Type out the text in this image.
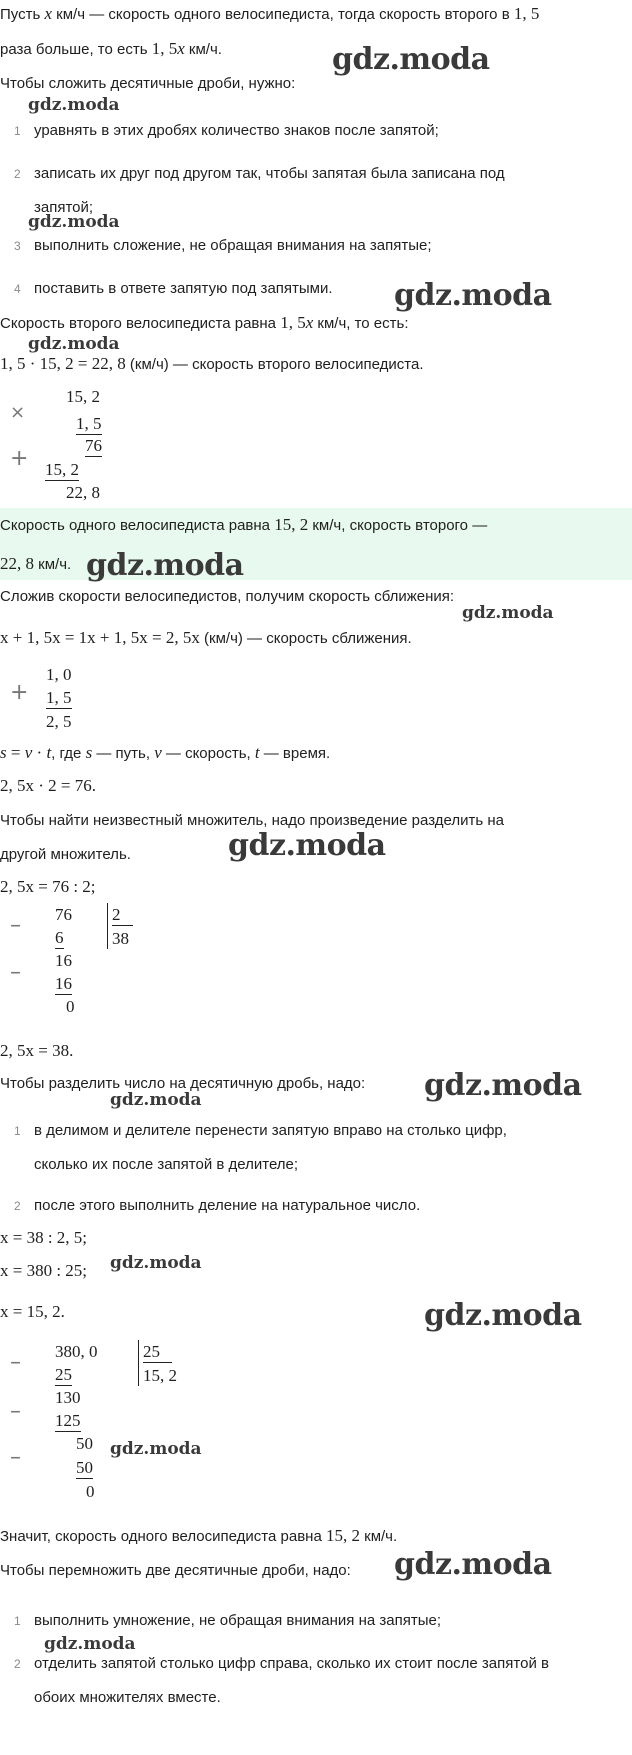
Пусть x км/ч — скорость одного велосипедиста, тогда скорость второго в 1, 5
раза больше, то есть 1, 5x км/ч.
Чтобы сложить десятичные дроби, нужно:
1 уравнять в этих дробях количество знаков после запятой;
2 записать их друг под другом так, чтобы запятая была записана под
запятой;
3 выполнить сложение, не обращая внимания на запятые;
4 поставить в ответе запятую под запятыми.
Скорость второго велосипедиста равна 1, 5x км/ч, то есть:
1, 5 · 15, 2 = 22, 8 (км/ч) — скорость второго велосипедиста.
×
15, 2
1, 5
76
+ 15, 2
22, 8
Скорость одного велосипедиста равна 15, 2 км/ч, скорость второго —
22, 8 км/ч.
Сложив скорости велосипедистов, получим скорость сближения:
x + 1, 5x = 1x + 1, 5x = 2, 5x (км/ч) — скорость сближения.
+
1, 0
1, 5
2, 5
s = v · t, где s — путь, v — скорость, t — время.
2, 5x · 2 = 76.
Чтобы найти неизвестный множитель, надо произведение разделить на
другой множитель.
2, 5x = 76 : 2;
– 76
6
– 16
16
0
2
38
2, 5x = 38.
Чтобы разделить число на десятичную дробь, надо:
1 в делимом и делителе перенести запятую вправо на столько цифр,
сколько их после запятой в делителе;
2 после этого выполнить деление на натуральное число.
x = 38 : 2, 5;
x = 380 : 25;
x = 15, 2.
– 380, 0
25
–
130
125
–
50
50
0
25
15, 2
Значит, скорость одного велосипедиста равна 15, 2 км/ч.
Чтобы перемножить две десятичные дроби, надо:
1 выполнить умножение, не обращая внимания на запятые;
2 отделить запятой столько цифр справа, сколько их стоит после запятой в
обоих множителях вместе.
gdz.moda
gdz.moda
gdz.moda
gdz.moda
gdz.moda
gdz.moda
gdz.moda
gdz.moda
gdz.moda
gdz.moda
gdz.moda
gdz.moda
gdz.moda
gdz.moda
gdz.moda
